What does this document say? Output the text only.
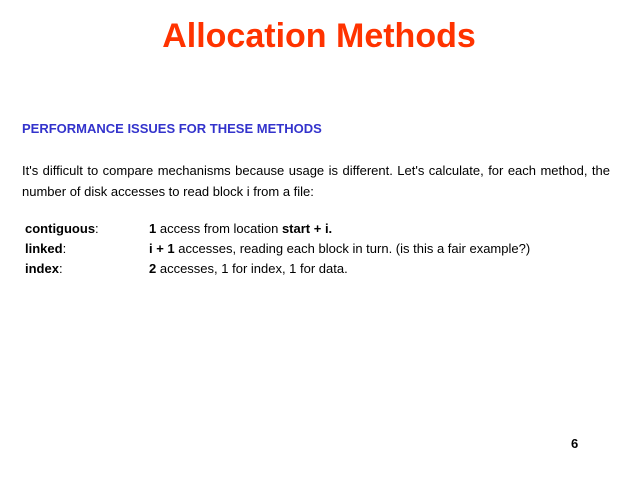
Allocation Methods
PERFORMANCE ISSUES FOR THESE METHODS

It's difficult to compare mechanisms because usage is different. Let's calculate, for each method, the number of disk accesses to read block i from a file:

contiguous:	1 access from location start + i.
linked:	i + 1 accesses, reading each block in turn. (is this a fair example?)
index:	2 accesses, 1 for index, 1 for data.
6
